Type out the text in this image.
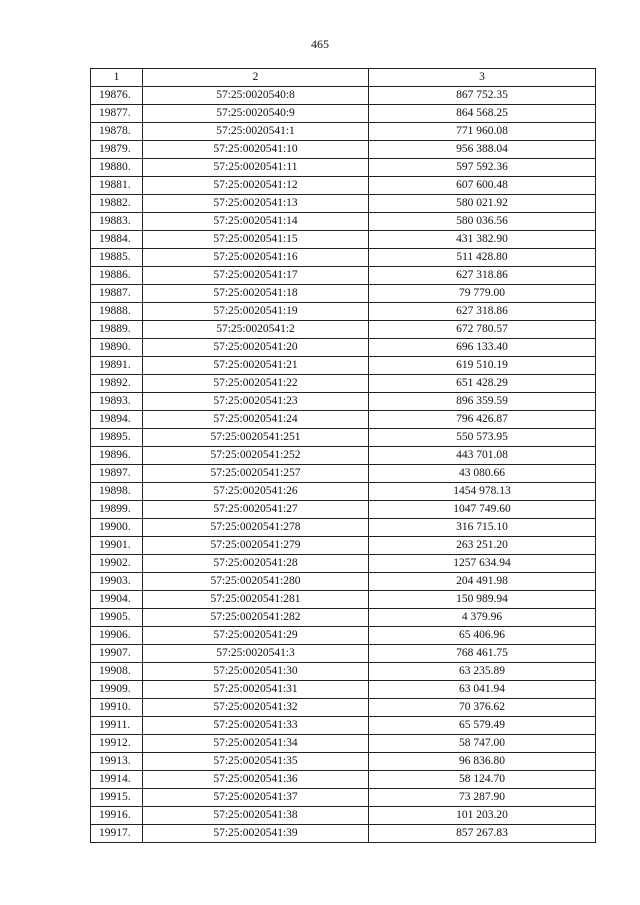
465
1	2	3
19876.	57:25:0020540:8	867 752.35
19877.	57:25:0020540:9	864 568.25
19878.	57:25:0020541:1	771 960.08
19879.	57:25:0020541:10	956 388.04
19880.	57:25:0020541:11	597 592.36
19881.	57:25:0020541:12	607 600.48
19882.	57:25:0020541:13	580 021.92
19883.	57:25:0020541:14	580 036.56
19884.	57:25:0020541:15	431 382.90
19885.	57:25:0020541:16	511 428.80
19886.	57:25:0020541:17	627 318.86
19887.	57:25:0020541:18	79 779.00
19888.	57:25:0020541:19	627 318.86
19889.	57:25:0020541:2	672 780.57
19890.	57:25:0020541:20	696 133.40
19891.	57:25:0020541:21	619 510.19
19892.	57:25:0020541:22	651 428.29
19893.	57:25:0020541:23	896 359.59
19894.	57:25:0020541:24	796 426.87
19895.	57:25:0020541:251	550 573.95
19896.	57:25:0020541:252	443 701.08
19897.	57:25:0020541:257	43 080.66
19898.	57:25:0020541:26	1454 978.13
19899.	57:25:0020541:27	1047 749.60
19900.	57:25:0020541:278	316 715.10
19901.	57:25:0020541:279	263 251.20
19902.	57:25:0020541:28	1257 634.94
19903.	57:25:0020541:280	204 491.98
19904.	57:25:0020541:281	150 989.94
19905.	57:25:0020541:282	4 379.96
19906.	57:25:0020541:29	65 406.96
19907.	57:25:0020541:3	768 461.75
19908.	57:25:0020541:30	63 235.89
19909.	57:25:0020541:31	63 041.94
19910.	57:25:0020541:32	70 376.62
19911.	57:25:0020541:33	65 579.49
19912.	57:25:0020541:34	58 747.00
19913.	57:25:0020541:35	96 836.80
19914.	57:25:0020541:36	58 124.70
19915.	57:25:0020541:37	73 287.90
19916.	57:25:0020541:38	101 203.20
19917.	57:25:0020541:39	857 267.83
